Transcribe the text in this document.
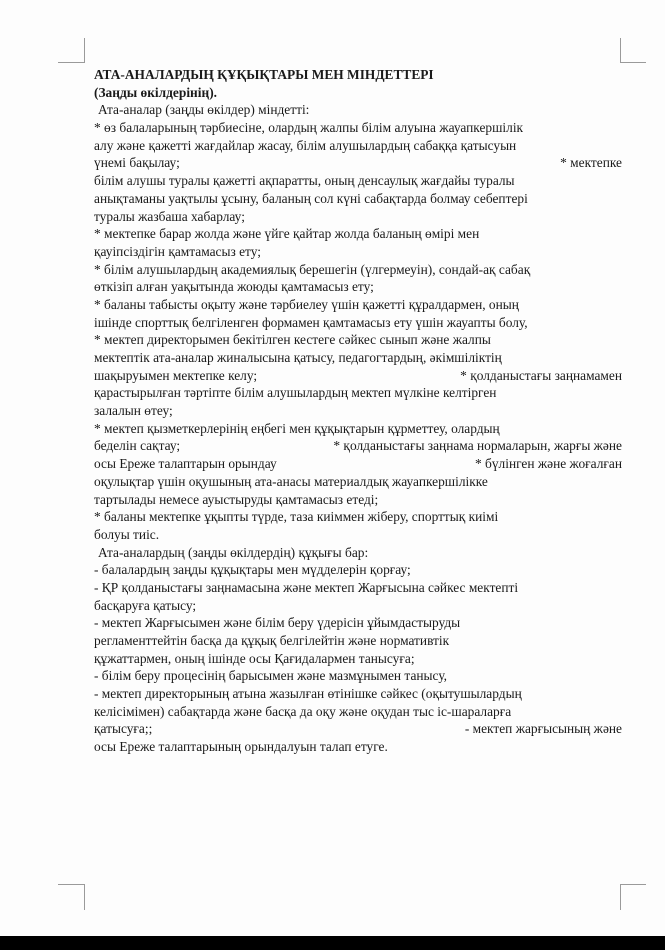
АТА-АНАЛАРДЫҢ ҚҰҚЫҚТАРЫ МЕН МІНДЕТТЕРІ
(Заңды өкілдерінің).
Ата-аналар (заңды өкілдер) міндетті:
* өз балаларының тәрбиесіне, олардың жалпы білім алуына жауапкершілік
алу және қажетті жағдайлар жасау, білім алушылардың сабаққа қатысуын
үнемі бақылау;	* мектепке
білім алушы туралы қажетті ақпаратты, оның денсаулық жағдайы туралы
анықтаманы уақтылы ұсыну, баланың сол күні сабақтарда болмау себептері
туралы жазбаша хабарлау;
* мектепке барар жолда және үйге қайтар жолда баланың өмірі мен
қауіпсіздігін қамтамасыз ету;
* білім алушылардың академиялық берешегін (үлгермеуін), сондай-ақ сабақ
өткізіп алған уақытында жоюды қамтамасыз ету;
* баланы табысты оқыту және тәрбиелеу үшін қажетті құралдармен, оның
ішінде спорттық белгіленген формамен қамтамасыз ету үшін жауапты болу,
* мектеп директорымен бекітілген кестеге сәйкес сынып және жалпы
мектептік ата-аналар жиналысына қатысу, педагогтардың, әкімшіліктің
шақыруымен мектепке келу;	* қолданыстағы заңнамамен
қарастырылған тәртіпте білім алушылардың мектеп мүлкіне келтірген
залалын өтеу;
* мектеп қызметкерлерінің еңбегі мен құқықтарын құрметтеу, олардың
беделін сақтау;	* қолданыстағы заңнама нормаларын, жарғы және
осы Ереже талаптарын орындау	* бүлінген және жоғалған
оқулықтар үшін оқушының ата-анасы материалдық жауапкершілікке
тартылады немесе ауыстыруды қамтамасыз етеді;
* баланы мектепке ұқыпты түрде, таза киіммен жіберу, спорттық киімі
болуы тиіс.
Ата-аналардың (заңды өкілдердің) құқығы бар:
- балалардың заңды құқықтары мен мүдделерін қорғау;
- ҚР қолданыстағы заңнамасына және мектеп Жарғысына сәйкес мектепті
басқаруға қатысу;
- мектеп Жарғысымен және білім беру үдерісін ұйымдастыруды
регламенттейтін басқа да құқық белгілейтін және нормативтік
құжаттармен, оның ішінде осы Қағидалармен танысуға;
- білім беру процесінің барысымен және мазмұнымен танысу,
- мектеп директорының атына жазылған өтінішке сәйкес (оқытушылардың
келісімімен) сабақтарда және басқа да оқу және оқудан тыс іс-шараларға
қатысуға;;	- мектеп жарғысының және
осы Ереже талаптарының орындалуын талап етуге.
